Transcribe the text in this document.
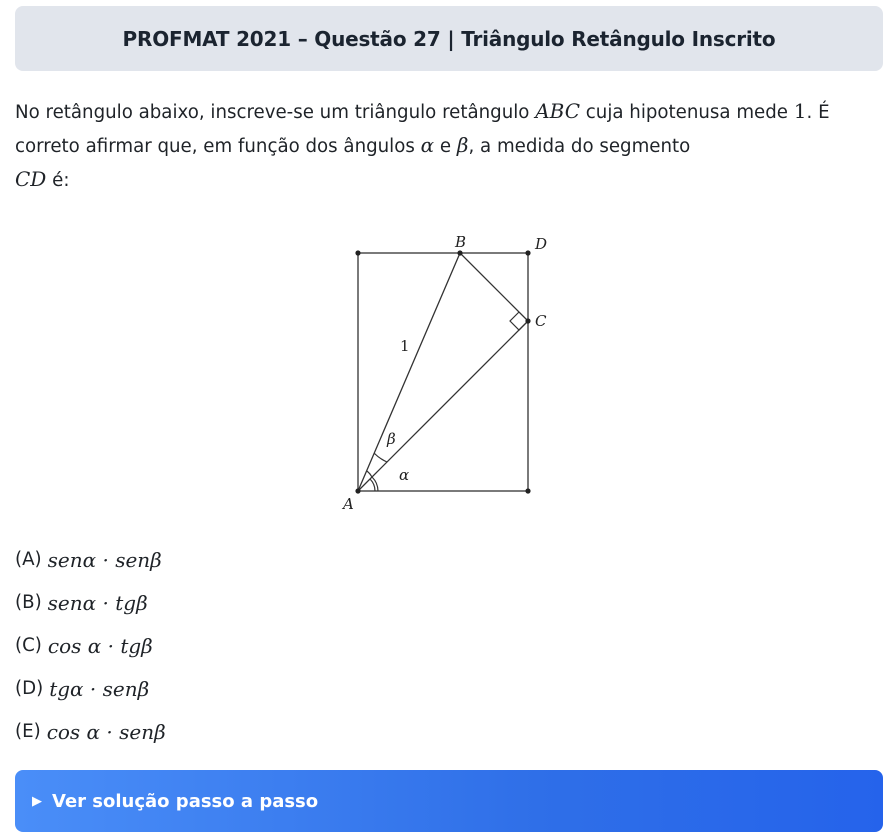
PROFMAT 2021 – Questão 27 | Triângulo Retângulo Inscrito
No retângulo abaixo, inscreve-se um triângulo retângulo ABC cuja hipotenusa mede 1. É correto afirmar que, em função dos ângulos α e β, a medida do segmento
CD é:
B	D
C
A
1
β
α
(A) senα · senβ
(B) senα · tgβ
(C) cos α · tgβ
(D) tgα · senβ
(E) cos α · senβ
▶ Ver solução passo a passo
